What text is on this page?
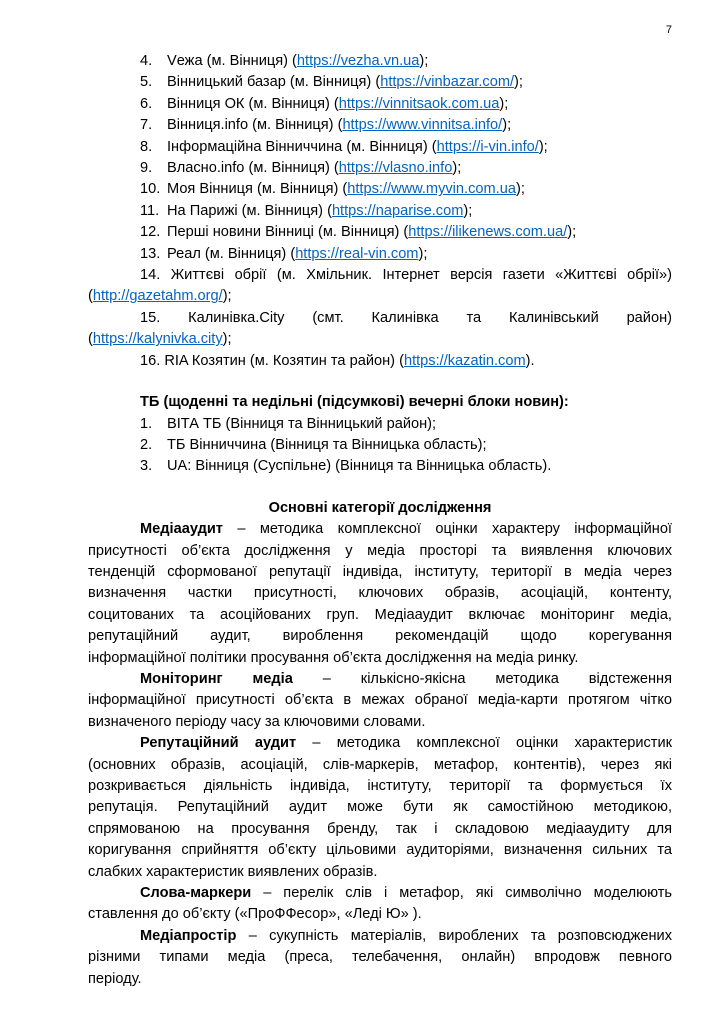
7
4.	Vежа (м. Вінниця) (https://vezha.vn.ua);
5.	Вінницький базар (м. Вінниця) (https://vinbazar.com/);
6.	Вінниця ОК (м. Вінниця) (https://vinnitsaok.com.ua);
7.	Вінниця.info (м. Вінниця) (https://www.vinnitsa.info/);
8.	Інформаційна Вінниччина (м. Вінниця) (https://i-vin.info/);
9.	Власно.info (м. Вінниця) (https://vlasno.info);
10. Моя Вінниця (м. Вінниця) (https://www.myvin.com.ua);
11. На Парижі (м. Вінниця) (https://naparise.com);
12. Перші новини Вінниці (м. Вінниця) (https://ilikenews.com.ua/);
13. Реал (м. Вінниця) (https://real-vin.com);

14. Життєві обрії (м. Хмільник. Інтернет версія газети «Життєві обрії»)

(http://gazetahm.org/);

15. Калинівка.City (смт. Калинівка та Калинівський район)

(https://kalynivka.city);

16. RIA Козятин (м. Козятин та район) (https://kazatin.com).

ТБ (щоденні та недільні (підсумкові) вечерні блоки новин):

1.	ВІТА ТБ (Вінниця та Вінницький район);
2.	ТБ Вінниччина (Вінниця та Вінницька область);
3.	UA: Вінниця (Суспільне) (Вінниця та Вінницька область).

Основні категорії дослідження

Медіааудит – методика комплексної оцінки характеру інформаційної
присутності об’єкта дослідження у медіа просторі та виявлення ключових
тенденцій сформованої репутації індивіда, інституту, території в медіа через
визначення частки присутності, ключових образів, асоціацій, контенту,
социтованих та асоційованих груп. Медіааудит включає моніторинг медіа,
репутаційний аудит, вироблення рекомендацій щодо корегування
інформаційної політики просування об’єкта дослідження на медіа ринку.
Моніторинг медіа – кількісно-якісна методика відстеження
інформаційної присутності об’єкта в межах обраної медіа-карти протягом чітко
визначеного періоду часу за ключовими словами.
Репутаційний аудит – методика комплексної оцінки характеристик
(основних образів, асоціацій, слів-маркерів, метафор, контентів), через які
розкривається діяльність індивіда, інституту, території та формується їх
репутація. Репутаційний аудит може бути як самостійною методикою,
спрямованою на просування бренду, так і складовою медіааудиту для
коригування сприйняття об’єкту цільовими аудиторіями, визначення сильних та
слабких характеристик виявлених образів.
Слова-маркери – перелік слів і метафор, які символічно моделюють
ставлення до об’єкту («ПроФФесор», «Леді Ю» ).
Медіапростір – сукупність матеріалів, вироблених та розповсюджених
різними типами медіа (преса, телебачення, онлайн) впродовж певного
періоду.
